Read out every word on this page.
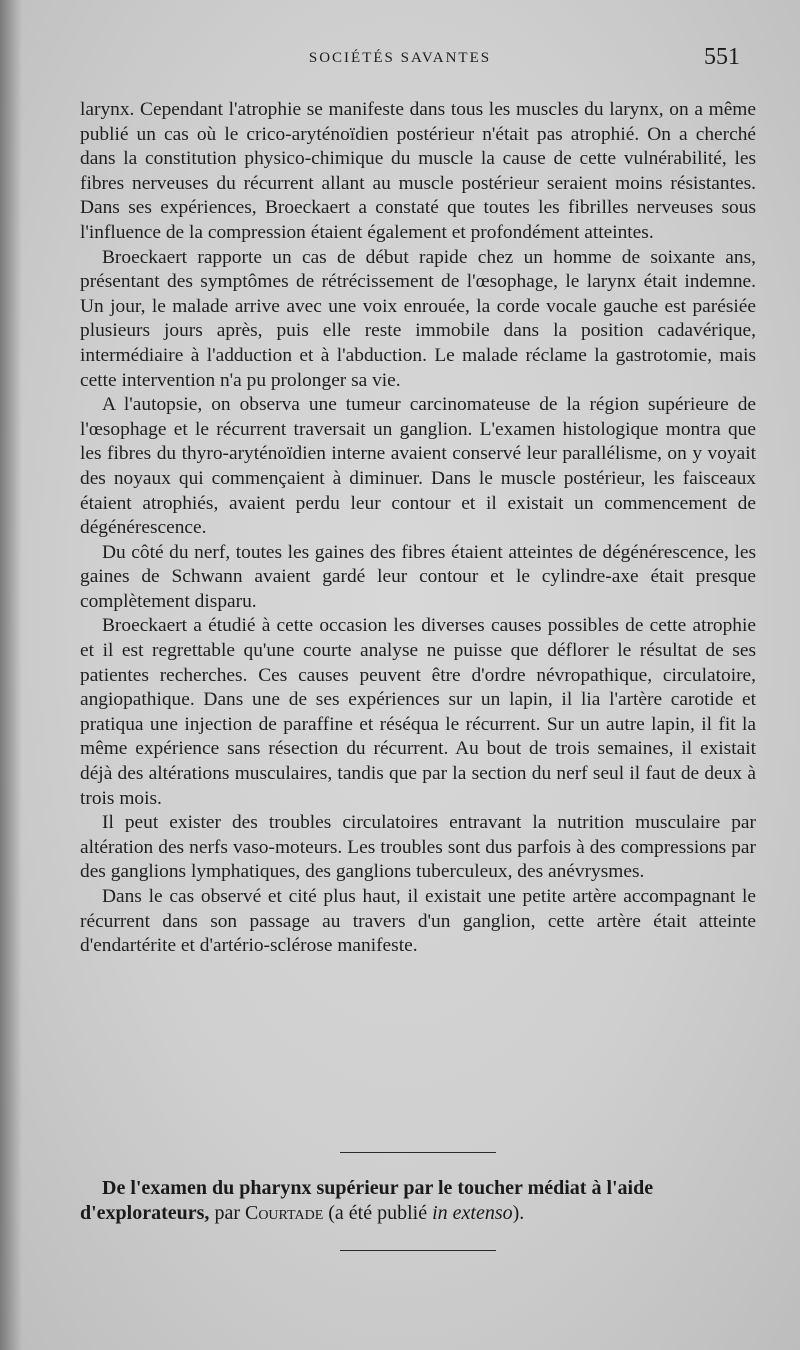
SOCIÉTÉS SAVANTES	551

larynx. Cependant l'atrophie se manifeste dans tous les muscles du larynx, on a même publié un cas où le crico-aryténoïdien postérieur n'était pas atrophié. On a cherché dans la constitution physico-chimique du muscle la cause de cette vulnérabilité, les fibres nerveuses du récurrent allant au muscle postérieur seraient moins résistantes. Dans ses expériences, Broeckaert a constaté que toutes les fibrilles nerveuses sous l'influence de la compression étaient également et profondément atteintes.

Broeckaert rapporte un cas de début rapide chez un homme de soixante ans, présentant des symptômes de rétrécissement de l'œsophage, le larynx était indemne. Un jour, le malade arrive avec une voix enrouée, la corde vocale gauche est parésiée plusieurs jours après, puis elle reste immobile dans la position cadavérique, intermédiaire à l'adduction et à l'abduction. Le malade réclame la gastrotomie, mais cette intervention n'a pu prolonger sa vie.

A l'autopsie, on observa une tumeur carcinomateuse de la région supérieure de l'œsophage et le récurrent traversait un ganglion. L'examen histologique montra que les fibres du thyro-aryténoïdien interne avaient conservé leur parallélisme, on y voyait des noyaux qui commençaient à diminuer. Dans le muscle postérieur, les faisceaux étaient atrophiés, avaient perdu leur contour et il existait un commencement de dégénérescence.

Du côté du nerf, toutes les gaines des fibres étaient atteintes de dégénérescence, les gaines de Schwann avaient gardé leur contour et le cylindre-axe était presque complètement disparu.

Broeckaert a étudié à cette occasion les diverses causes possibles de cette atrophie et il est regrettable qu'une courte analyse ne puisse que déflorer le résultat de ses patientes recherches. Ces causes peuvent être d'ordre névropathique, circulatoire, angiopathique. Dans une de ses expériences sur un lapin, il lia l'artère carotide et pratiqua une injection de paraffine et réséqua le récurrent. Sur un autre lapin, il fit la même expérience sans résection du récurrent. Au bout de trois semaines, il existait déjà des altérations musculaires, tandis que par la section du nerf seul il faut de deux à trois mois.

Il peut exister des troubles circulatoires entravant la nutrition musculaire par altération des nerfs vaso-moteurs. Les troubles sont dus parfois à des compressions par des ganglions lymphatiques, des ganglions tuberculeux, des anévrysmes.

Dans le cas observé et cité plus haut, il existait une petite artère accompagnant le récurrent dans son passage au travers d'un ganglion, cette artère était atteinte d'endartérite et d'artério-sclérose manifeste.

De l'examen du pharynx supérieur par le toucher médiat à l'aide d'explorateurs, par Courtade (a été publié in extenso).
